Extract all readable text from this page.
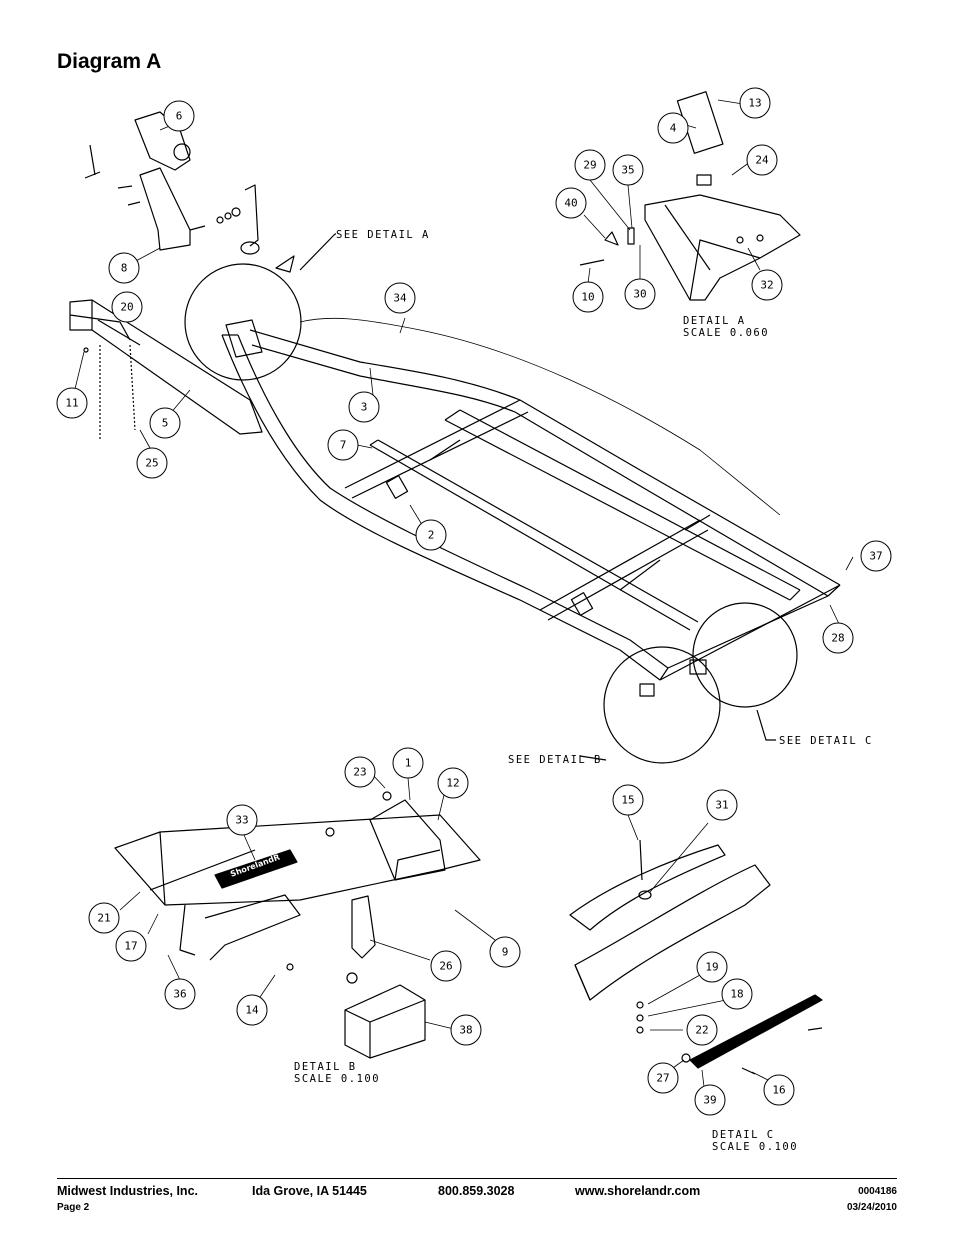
Diagram A
SEE DETAIL A
SEE DETAIL B
SEE DETAIL C
DETAIL A
SCALE 0.060
DETAIL B
SCALE 0.100
DETAIL C
SCALE 0.100
ShorelandR
1
2
3
4
5
6
7
8
9
10
11
12
13
14
15
16
17
18
19
20
21
22
23
24
25
26
27
28
29
30
31
32
33
34
35
36
37
38
39
40
Midwest Industries, Inc.	Ida Grove, IA 51445	800.859.3028	www.shorelandr.com	0004186
Page 2	03/24/2010
